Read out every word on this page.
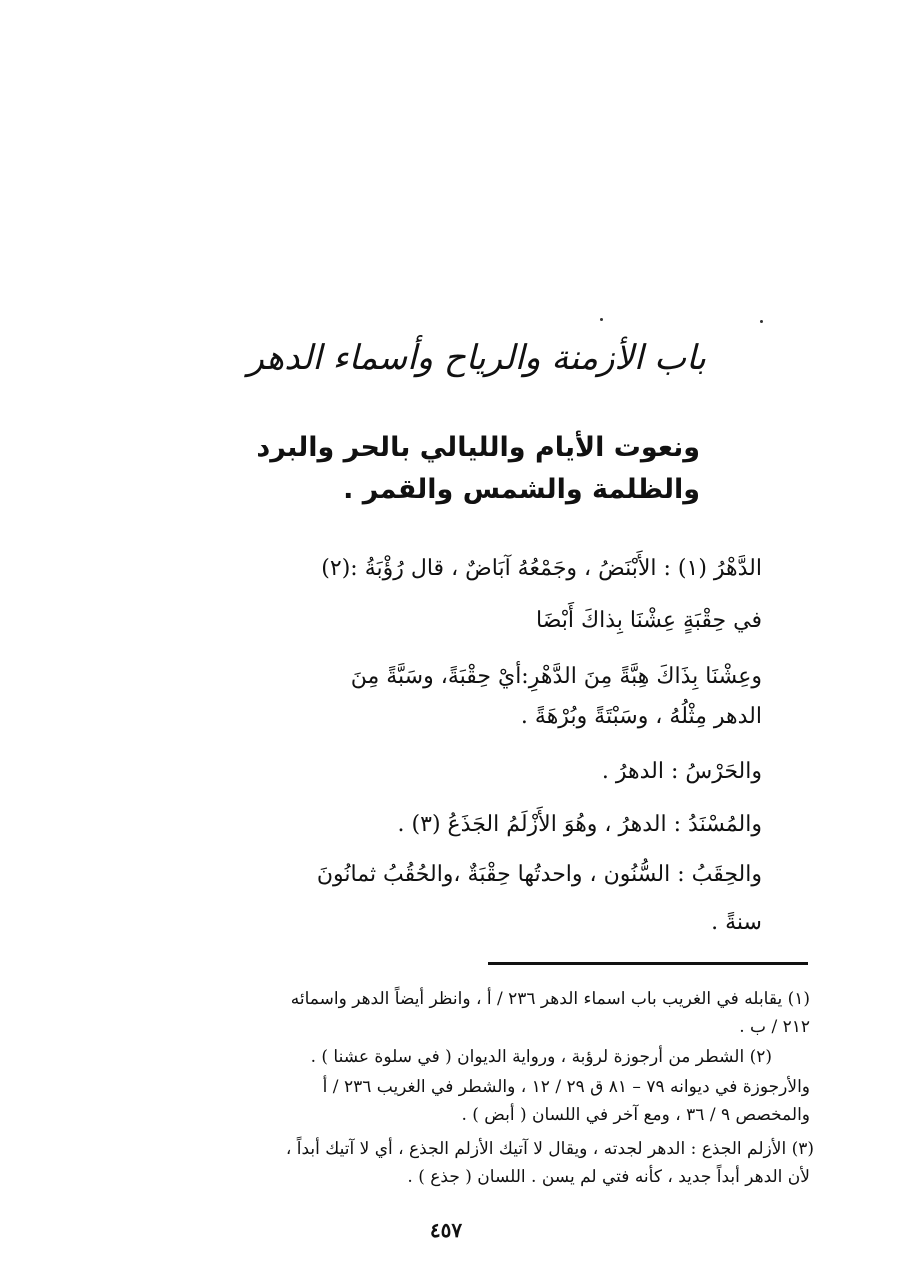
باب الأزمنة والرياح وأسماء الدهر
ونعوت الأيام والليالي بالحر والبرد
والظلمة والشمس والقمر .
الدَّهْرُ (١) : الأَبْنَضُ ، وجَمْعُهُ آبَاضٌ ، قال رُؤْبَةُ :(٢)
في حِقْبَةٍ عِشْنَا بِذاكَ أَبْضَا
وعِشْنَا بِذَاكَ هِبَّةً مِنَ الدَّهْرِ:أيْ حِقْبَةً، وسَبَّةً مِنَ
الدهر مِثْلُهُ ، وسَبْتَةً وبُرْهَةً .
والحَرْسُ : الدهرُ .
والمُسْنَدُ : الدهرُ ، وهُوَ الأَزْلَمُ الجَذَعُ (٣) .
والحِقَبُ : السُّنُون ، واحدتُها حِقْبَةٌ ،والحُقُبُ ثمانُونَ
سنةً .
(١) يقابله في الغريب باب اسماء الدهر ٢٣٦ / أ ، وانظر أيضاً الدهر واسمائه
٢١٢ / ب .
(٢) الشطر من أرجوزة لرؤبة ، ورواية الديوان ( في سلوة عشنا ) .
والأرجوزة في ديوانه ٧٩ – ٨١ ق ٢٩ / ١٢ ، والشطر في الغريب ٢٣٦ / أ
والمخصص ٩ / ٣٦ ، ومع آخر في اللسان ( أبض ) .
(٣) الأزلم الجذع : الدهر لجدته ، ويقال لا آتيك الأزلم الجذع ، أي لا آتيك أبداً ،
لأن الدهر أبداً جديد ، كأنه فتي لم يسن . اللسان ( جذع ) .
٤٥٧
